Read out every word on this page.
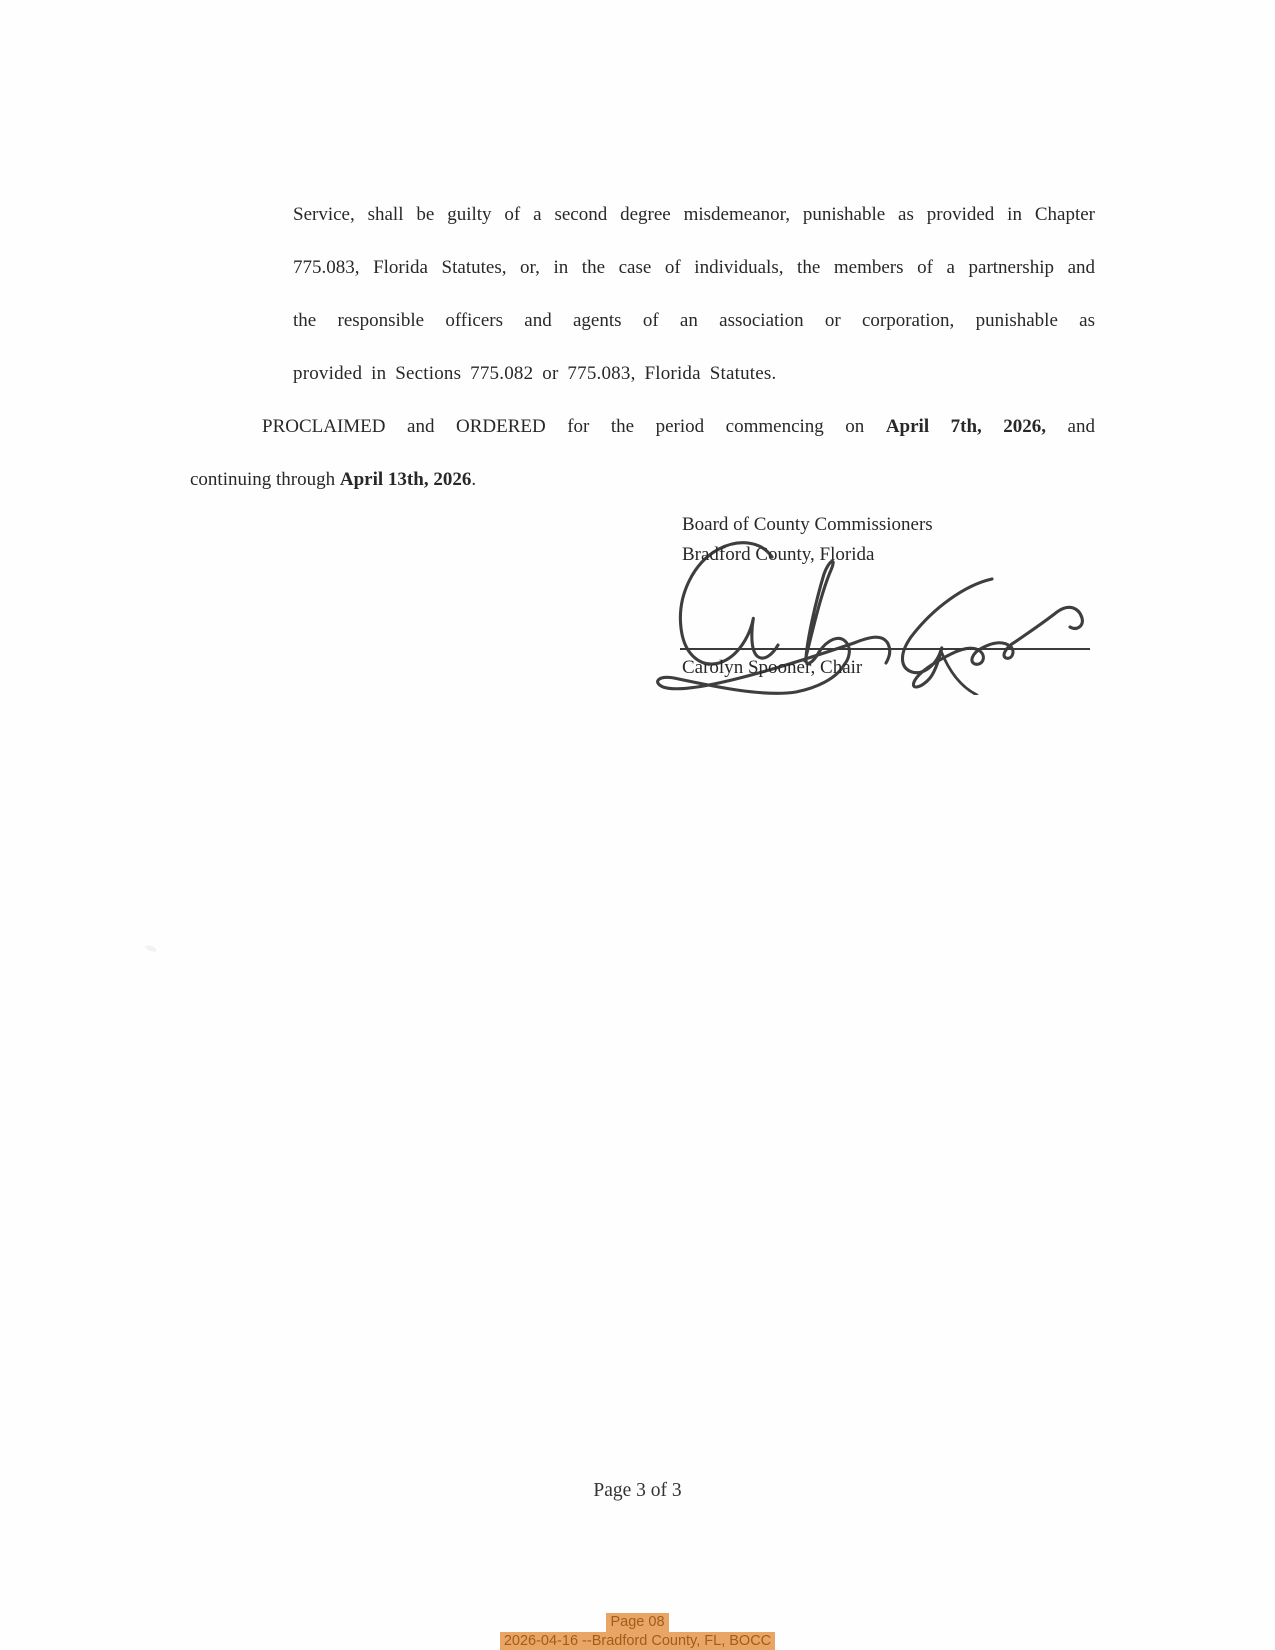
Service, shall be guilty of a second degree misdemeanor, punishable as provided in Chapter
775.083, Florida Statutes, or, in the case of individuals, the members of a partnership and
the responsible officers and agents of an association or corporation, punishable as
provided in Sections 775.082 or 775.083, Florida Statutes.
PROCLAIMED and ORDERED for the period commencing on April 7th, 2026, and
continuing through April 13th, 2026.
Board of County Commissioners
Bradford County, Florida
Carolyn Spooner, Chair
Page 3 of 3
Page 08
2026-04-16 --Bradford County, FL, BOCC
